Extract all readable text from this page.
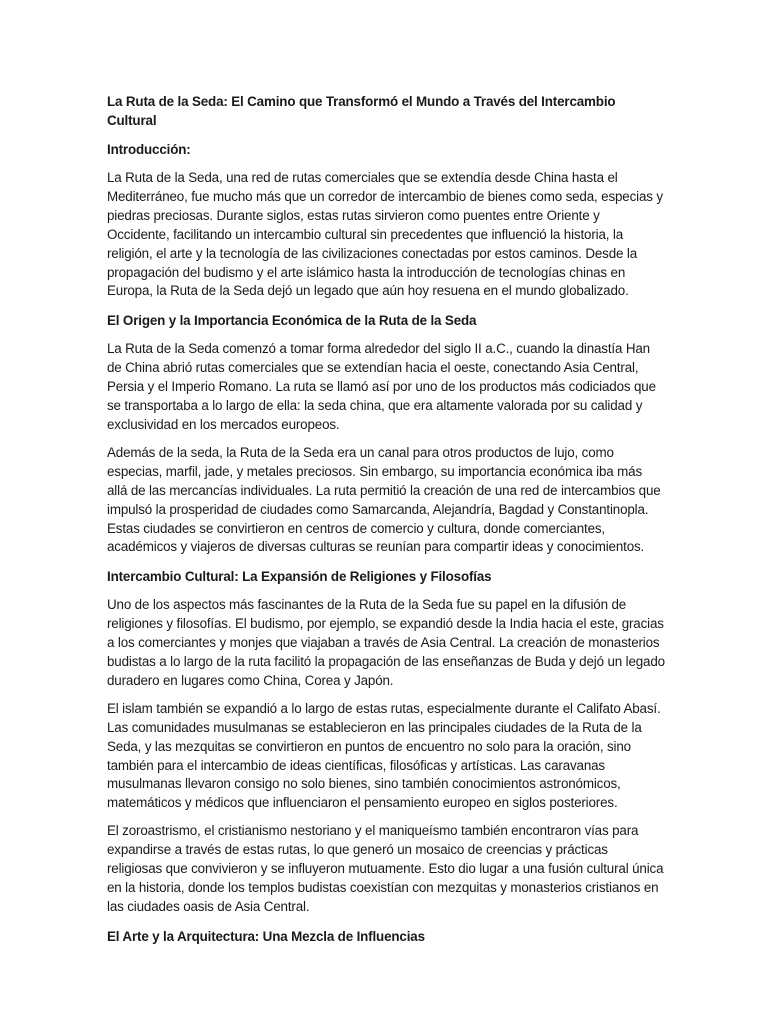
La Ruta de la Seda: El Camino que Transformó el Mundo a Través del Intercambio Cultural
Introducción:

La Ruta de la Seda, una red de rutas comerciales que se extendía desde China hasta el Mediterráneo, fue mucho más que un corredor de intercambio de bienes como seda, especias y piedras preciosas. Durante siglos, estas rutas sirvieron como puentes entre Oriente y Occidente, facilitando un intercambio cultural sin precedentes que influenció la historia, la religión, el arte y la tecnología de las civilizaciones conectadas por estos caminos. Desde la propagación del budismo y el arte islámico hasta la introducción de tecnologías chinas en Europa, la Ruta de la Seda dejó un legado que aún hoy resuena en el mundo globalizado.

El Origen y la Importancia Económica de la Ruta de la Seda

La Ruta de la Seda comenzó a tomar forma alrededor del siglo II a.C., cuando la dinastía Han de China abrió rutas comerciales que se extendían hacia el oeste, conectando Asia Central, Persia y el Imperio Romano. La ruta se llamó así por uno de los productos más codiciados que se transportaba a lo largo de ella: la seda china, que era altamente valorada por su calidad y exclusividad en los mercados europeos.

Además de la seda, la Ruta de la Seda era un canal para otros productos de lujo, como especias, marfil, jade, y metales preciosos. Sin embargo, su importancia económica iba más allá de las mercancías individuales. La ruta permitió la creación de una red de intercambios que impulsó la prosperidad de ciudades como Samarcanda, Alejandría, Bagdad y Constantinopla. Estas ciudades se convirtieron en centros de comercio y cultura, donde comerciantes, académicos y viajeros de diversas culturas se reunían para compartir ideas y conocimientos.

Intercambio Cultural: La Expansión de Religiones y Filosofías

Uno de los aspectos más fascinantes de la Ruta de la Seda fue su papel en la difusión de religiones y filosofías. El budismo, por ejemplo, se expandió desde la India hacia el este, gracias a los comerciantes y monjes que viajaban a través de Asia Central. La creación de monasterios budistas a lo largo de la ruta facilitó la propagación de las enseñanzas de Buda y dejó un legado duradero en lugares como China, Corea y Japón.

El islam también se expandió a lo largo de estas rutas, especialmente durante el Califato Abasí. Las comunidades musulmanas se establecieron en las principales ciudades de la Ruta de la Seda, y las mezquitas se convirtieron en puntos de encuentro no solo para la oración, sino también para el intercambio de ideas científicas, filosóficas y artísticas. Las caravanas musulmanas llevaron consigo no solo bienes, sino también conocimientos astronómicos, matemáticos y médicos que influenciaron el pensamiento europeo en siglos posteriores.

El zoroastrismo, el cristianismo nestoriano y el maniqueísmo también encontraron vías para expandirse a través de estas rutas, lo que generó un mosaico de creencias y prácticas religiosas que convivieron y se influyeron mutuamente. Esto dio lugar a una fusión cultural única en la historia, donde los templos budistas coexistían con mezquitas y monasterios cristianos en las ciudades oasis de Asia Central.

El Arte y la Arquitectura: Una Mezcla de Influencias
